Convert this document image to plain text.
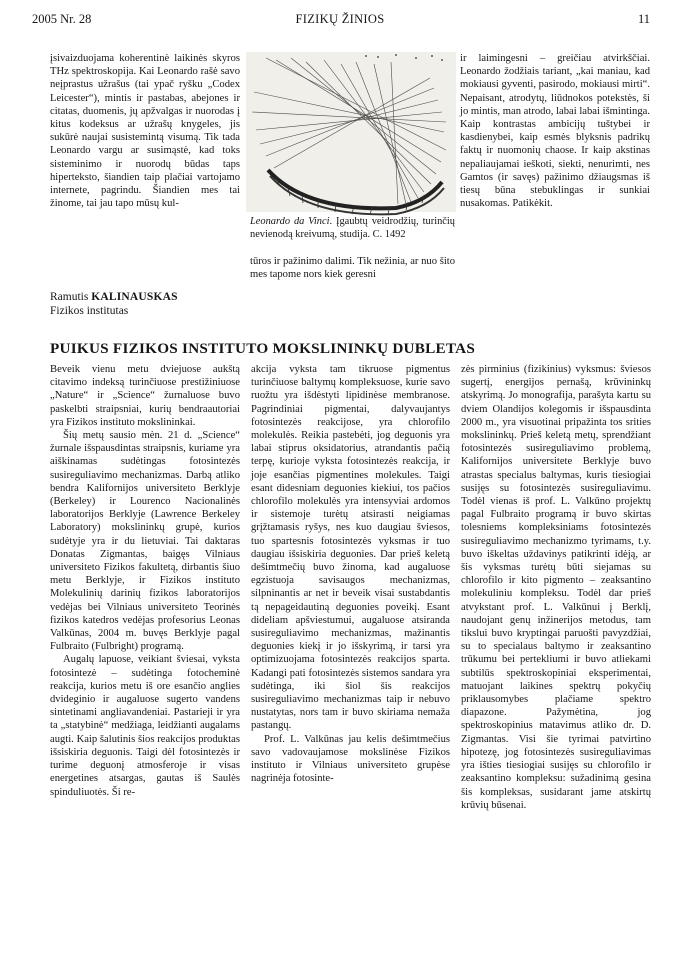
2005 Nr. 28	FIZIKŲ ŽINIOS	11

įsivaizduojama koherentinė laikinės skyros THz spektroskopija. Kai Leonardo rašė savo neįprastus užrašus (tai ypač ryšku „Codex Leicester“), mintis ir pastabas, abejones ir citatas, duomenis, jų apžvalgas ir nuorodas į kitus kodeksus ar užrašų knygeles, jis sukūrė naujai susistemintą visumą. Tik tada Leonardo vargu ar susimąstė, kad toks sisteminimo ir nuorodų būdas taps hiperteksto, šiandien taip plačiai vartojamo internete, pagrindu. Šiandien mes tai žinome, tai jau tapo mūsų kul-

Leonardo da Vinci. Įgaubtų veidrodžių, turinčių nevienodą kreivumą, studija. C. 1492

tūros ir pažinimo dalimi. Tik nežinia, ar nuo šito mes tapome nors kiek geresni

ir laimingesni – greičiau atvirkščiai. Leonardo žodžiais tariant, „kai maniau, kad mokiausi gyventi, pasirodo, mokiausi mirti“. Nepaisant, atrodytų, liūdnokos potekstės, ši jo mintis, man atrodo, labai labai išmintinga. Kaip kontrastas ambicijų tuštybei ir kasdienybei, kaip esmės blyksnis padrikų faktų ir nuomonių chaose. Ir kaip akstinas nepaliaujamai ieškoti, siekti, nenurimti, nes Gamtos (ir savęs) pažinimo džiaugsmas iš tiesų būna stebuklingas ir sunkiai nusakomas. Patikėkit.

Ramutis KALINAUSKAS
Fizikos institutas
PUIKUS FIZIKOS INSTITUTO MOKSLININKŲ DUBLETAS

Beveik vienu metu dviejuose aukštą citavimo indeksą turinčiuose prestižiniuose „Nature“ ir „Science“ žurnaluose buvo paskelbti straipsniai, kurių bendraautoriai yra Fizikos instituto mokslininkai.

Šių metų sausio mėn. 21 d. „Science“ žurnale išspausdintas straipsnis, kuriame yra aiškinamas sudėtingas fotosintezės susireguliavimo mechanizmas. Darbą atliko bendra Kalifornijos universiteto Berklyje (Berkeley) ir Lourenco Nacionalinės laboratorijos Berklyje (Lawrence Berkeley Laboratory) mokslininkų grupė, kurios sudėtyje yra ir du lietuviai. Tai daktaras Donatas Zigmantas, baigęs Vilniaus universiteto Fizikos fakultetą, dirbantis šiuo metu Berklyje, ir Fizikos instituto Molekulinių darinių fizikos laboratorijos vedėjas bei Vilniaus universiteto Teorinės fizikos katedros vedėjas profesorius Leonas Valkūnas, 2004 m. buvęs Berklyje pagal Fulbraito (Fulbright) programą.

Augalų lapuose, veikiant šviesai, vyksta fotosintezė – sudėtinga fotocheminė reakcija, kurios metu iš ore esančio anglies dvideginio ir augaluose sugerto vandens sintetinami angliavandeniai. Pastarieji ir yra ta „statybinė“ medžiaga, leidžianti augalams augti. Kaip šalutinis šios reakcijos produktas išsiskiria deguonis. Taigi dėl fotosintezės ir turime deguonį atmosferoje ir visas energetines atsargas, gautas iš Saulės spinduliuotės. Ši re-

akcija vyksta tam tikruose pigmentus turinčiuose baltymų kompleksuose, kurie savo ruožtu yra išdėstyti lipidinėse membranose. Pagrindiniai pigmentai, dalyvaujantys fotosintezės reakcijose, yra chlorofilo molekulės. Reikia pastebėti, jog deguonis yra labai stiprus oksidatorius, atrandantis pačią terpę, kurioje vyksta fotosintezės reakcija, ir joje esančias pigmentines molekules. Taigi esant didesniam deguonies kiekiui, tos pačios chlorofilo molekulės yra intensyviai ardomos ir sistemoje turėtų atsirasti neigiamas grįžtamasis ryšys, nes kuo daugiau šviesos, tuo spartesnis fotosintezės vyksmas ir tuo daugiau išsiskiria deguonies. Dar prieš keletą dešimtmečių buvo žinoma, kad augaluose egzistuoja savisaugos mechanizmas, silpninantis ar net ir beveik visai sustabdantis tą nepageidautiną deguonies poveikį. Esant dideliam apšviestumui, augaluose atsiranda susireguliavimo mechanizmas, mažinantis deguonies kiekį ir jo išskyrimą, ir tarsi yra optimizuojama fotosintezės reakcijos sparta. Kadangi pati fotosintezės sistemos sandara yra sudėtinga, iki šiol šis reakcijos susireguliavimo mechanizmas taip ir nebuvo nustatytas, nors tam ir buvo skiriama nemaža pastangų.

Prof. L. Valkūnas jau kelis dešimtmečius savo vadovaujamose mokslinėse Fizikos instituto ir Vilniaus universiteto grupėse nagrinėja fotosinte-

zės pirminius (fizikinius) vyksmus: šviesos sugertį, energijos pernašą, krūvininkų atskyrimą. Jo monografija, parašyta kartu su dviem Olandijos kolegomis ir išspausdinta 2000 m., yra visuotinai pripažinta tos srities mokslininkų. Prieš keletą metų, sprendžiant fotosintezės susireguliavimo problemą, Kalifornijos universitete Berklyje buvo atrastas specialus baltymas, kuris tiesiogiai susijęs su fotosintezės susireguliavimu. Todėl vienas iš prof. L. Valkūno projektų pagal Fulbraito programą ir buvo skirtas tolesniems kompleksiniams fotosintezės susireguliavimo mechanizmo tyrimams, t.y. buvo iškeltas uždavinys patikrinti idėją, ar šis vyksmas turėtų būti siejamas su chlorofilo ir kito pigmento – zeaksantino molekuliniu kompleksu. Todėl dar prieš atvykstant prof. L. Valkūnui į Berklį, naudojant genų inžinerijos metodus, tam tikslui buvo kryptingai paruošti pavyzdžiai, su to specialaus baltymo ir zeaksantino trūkumu bei pertekliumi ir buvo atliekami subtilūs spektroskopiniai eksperimentai, matuojant laikines spektrų pokyčių priklausomybes plačiame spektro diapazone. Pažymėtina, jog spektroskopinius matavimus atliko dr. D. Zigmantas. Visi šie tyrimai patvirtino hipotezę, jog fotosintezės susireguliavimas yra išties tiesiogiai susijęs su chlorofilo ir zeaksantino kompleksu: sužadinimą gesina šis kompleksas, susidarant jame atskirtų krūvių būsenai.
